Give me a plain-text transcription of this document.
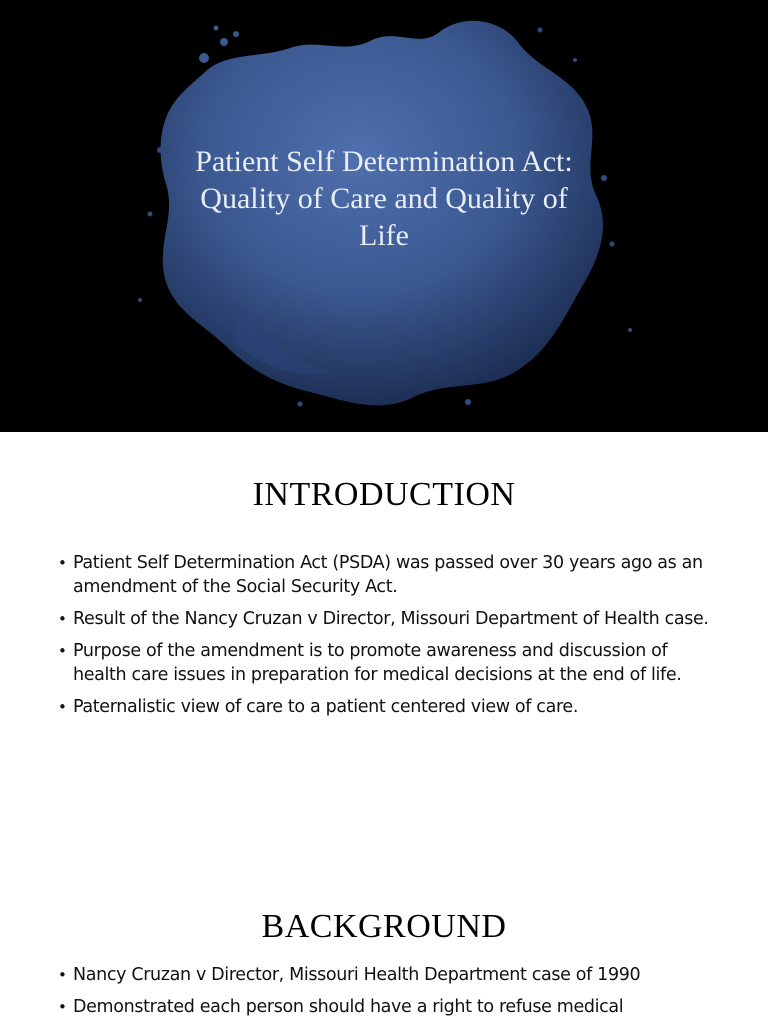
Patient Self Determination Act: Quality of Care and Quality of Life
INTRODUCTION
• Patient Self Determination Act (PSDA) was passed over 30 years ago as an amendment of the Social Security Act.
• Result of the Nancy Cruzan v Director, Missouri Department of Health case.
• Purpose of the amendment is to promote awareness and discussion of health care issues in preparation for medical decisions at the end of life.
• Paternalistic view of care to a patient centered view of care.
BACKGROUND
• Nancy Cruzan v Director, Missouri Health Department case of 1990
• Demonstrated each person should have a right to refuse medical
